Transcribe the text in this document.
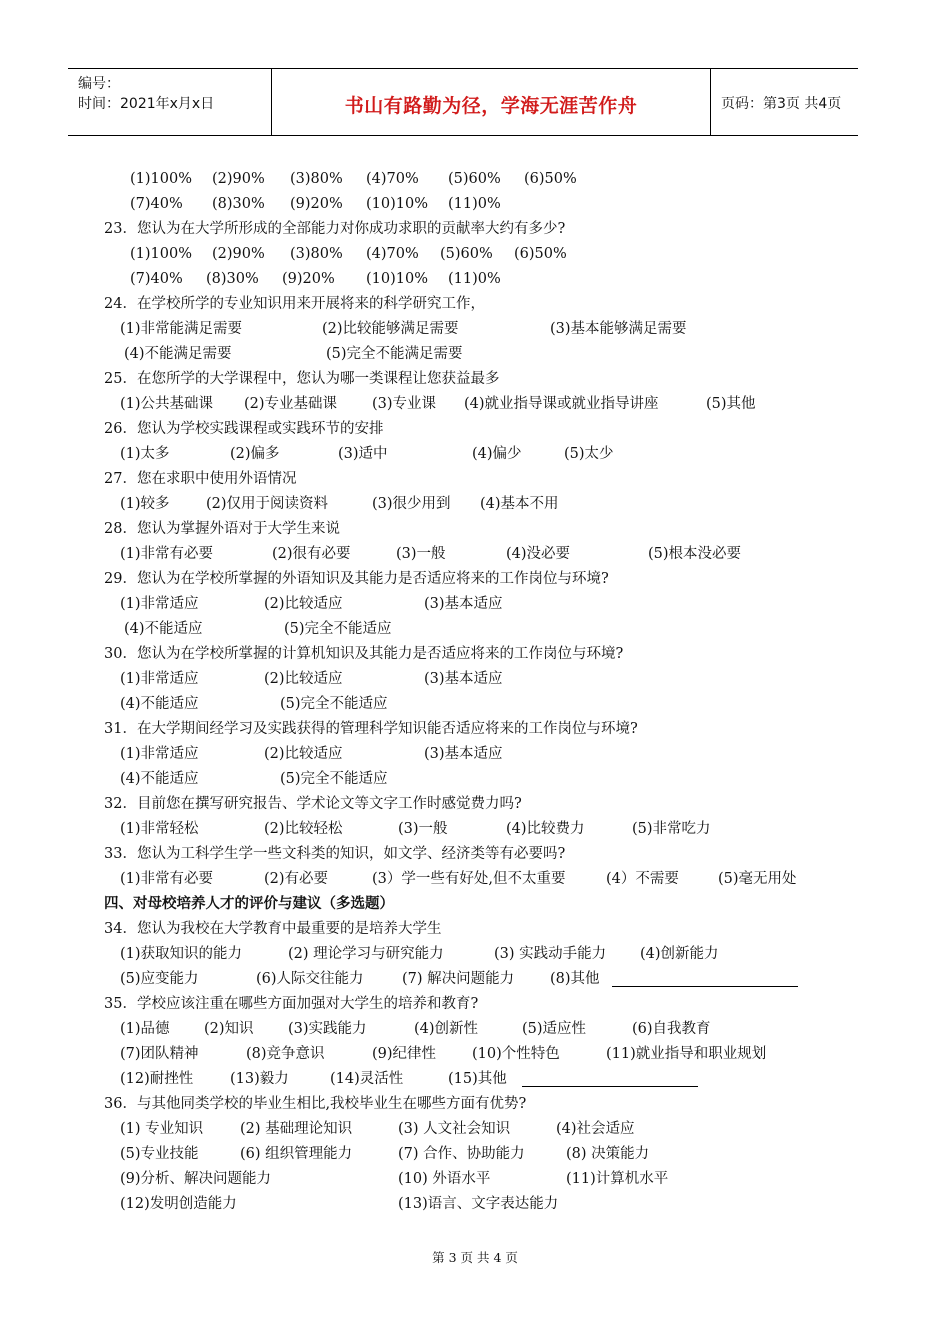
编号：
时间：2021年x月x日	书山有路勤为径，学海无涯苦作舟	页码：第3页 共4页
(1)100% (2)90% (3)80% (4)70% (5)60% (6)50%
(7)40% (8)30% (9)20% (10)10% (11)0%
23．您认为在大学所形成的全部能力对你成功求职的贡献率大约有多少?
(1)100% (2)90% (3)80% (4)70% (5)60% (6)50%
(7)40% (8)30% (9)20% (10)10% (11)0%
24．在学校所学的专业知识用来开展将来的科学研究工作，
(1)非常能满足需要	(2)比较能够满足需要	(3)基本能够满足需要
(4)不能满足需要	(5)完全不能满足需要
25．在您所学的大学课程中，您认为哪一类课程让您获益最多
(1)公共基础课 (2)专业基础课 (3)专业课 (4)就业指导课或就业指导讲座	(5)其他
26．您认为学校实践课程或实践环节的安排
(1)太多	(2)偏多	(3)适中	(4)偏少	(5)太少
27．您在求职中使用外语情况
(1)较多	(2)仅用于阅读资料	(3)很少用到 (4)基本不用
28．您认为掌握外语对于大学生来说
(1)非常有必要	(2)很有必要	(3)一般	(4)没必要	(5)根本没必要
29．您认为在学校所掌握的外语知识及其能力是否适应将来的工作岗位与环境?
(1)非常适应	(2)比较适应	(3)基本适应
(4)不能适应	(5)完全不能适应
30．您认为在学校所掌握的计算机知识及其能力是否适应将来的工作岗位与环境?
(1)非常适应	(2)比较适应	(3)基本适应
(4)不能适应	(5)完全不能适应
31．在大学期间经学习及实践获得的管理科学知识能否适应将来的工作岗位与环境?
(1)非常适应	(2)比较适应	(3)基本适应
(4)不能适应	(5)完全不能适应
32．目前您在撰写研究报告、学术论文等文字工作时感觉费力吗?
(1)非常轻松	(2)比较轻松	(3)一般	(4)比较费力	(5)非常吃力
33．您认为工科学生学一些文科类的知识，如文学、经济类等有必要吗?
(1)非常有必要	(2)有必要	(3）学一些有好处,但不太重要	(4）不需要	(5)毫无用处
四、对母校培养人才的评价与建议（多选题）
34．您认为我校在大学教育中最重要的是培养大学生
(1)获取知识的能力	(2) 理论学习与研究能力	(3) 实践动手能力 (4)创新能力
(5)应变能力	(6)人际交往能力	(7) 解决问题能力 (8)其他
35．学校应该注重在哪些方面加强对大学生的培养和教育?
(1)品德 (2)知识 (3)实践能力	(4)创新性	(5)适应性	(6)自我教育
(7)团队精神	(8)竞争意识	(9)纪律性 (10)个性特色	(11)就业指导和职业规划
(12)耐挫性	(13)毅力	(14)灵活性	(15)其他
36．与其他同类学校的毕业生相比,我校毕业生在哪些方面有优势?
(1) 专业知识	(2) 基础理论知识	(3) 人文社会知识	(4)社会适应
(5)专业技能	(6) 组织管理能力	(7) 合作、协助能力	(8) 决策能力
(9)分析、解决问题能力	(10) 外语水平	(11)计算机水平
(12)发明创造能力	(13)语言、文字表达能力
第 3 页 共 4 页
